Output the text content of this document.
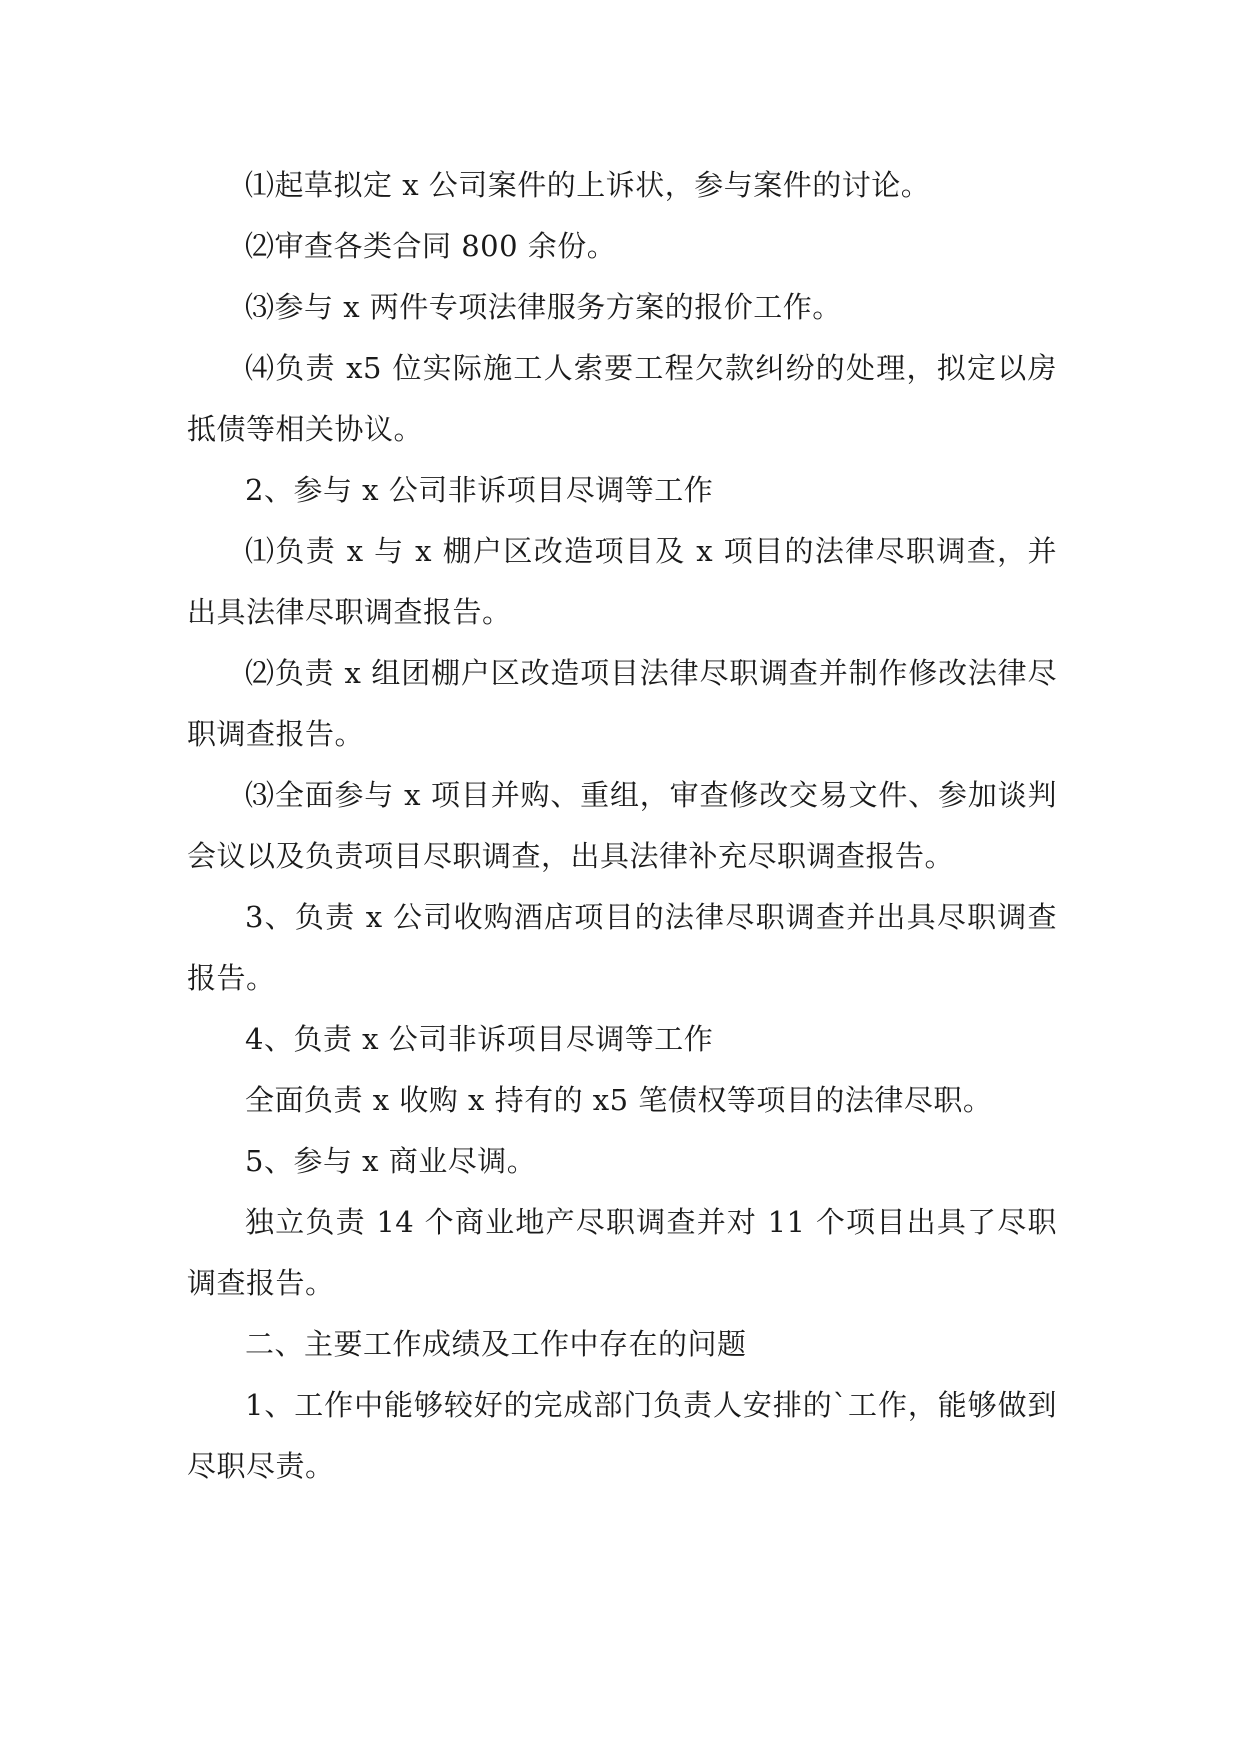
⑴起草拟定 x 公司案件的上诉状，参与案件的讨论。

⑵审查各类合同 800 余份。

⑶参与 x 两件专项法律服务方案的报价工作。

⑷负责 x5 位实际施工人索要工程欠款纠纷的处理，拟定以房抵债等相关协议。

2、参与 x 公司非诉项目尽调等工作

⑴负责 x 与 x 棚户区改造项目及 x 项目的法律尽职调查，并出具法律尽职调查报告。

⑵负责 x 组团棚户区改造项目法律尽职调查并制作修改法律尽职调查报告。

⑶全面参与 x 项目并购、重组，审查修改交易文件、参加谈判会议以及负责项目尽职调查，出具法律补充尽职调查报告。

3、负责 x 公司收购酒店项目的法律尽职调查并出具尽职调查报告。

4、负责 x 公司非诉项目尽调等工作

全面负责 x 收购 x 持有的 x5 笔债权等项目的法律尽职。

5、参与 x 商业尽调。

独立负责 14 个商业地产尽职调查并对 11 个项目出具了尽职调查报告。

二、主要工作成绩及工作中存在的问题

1、工作中能够较好的完成部门负责人安排的`工作，能够做到尽职尽责。
